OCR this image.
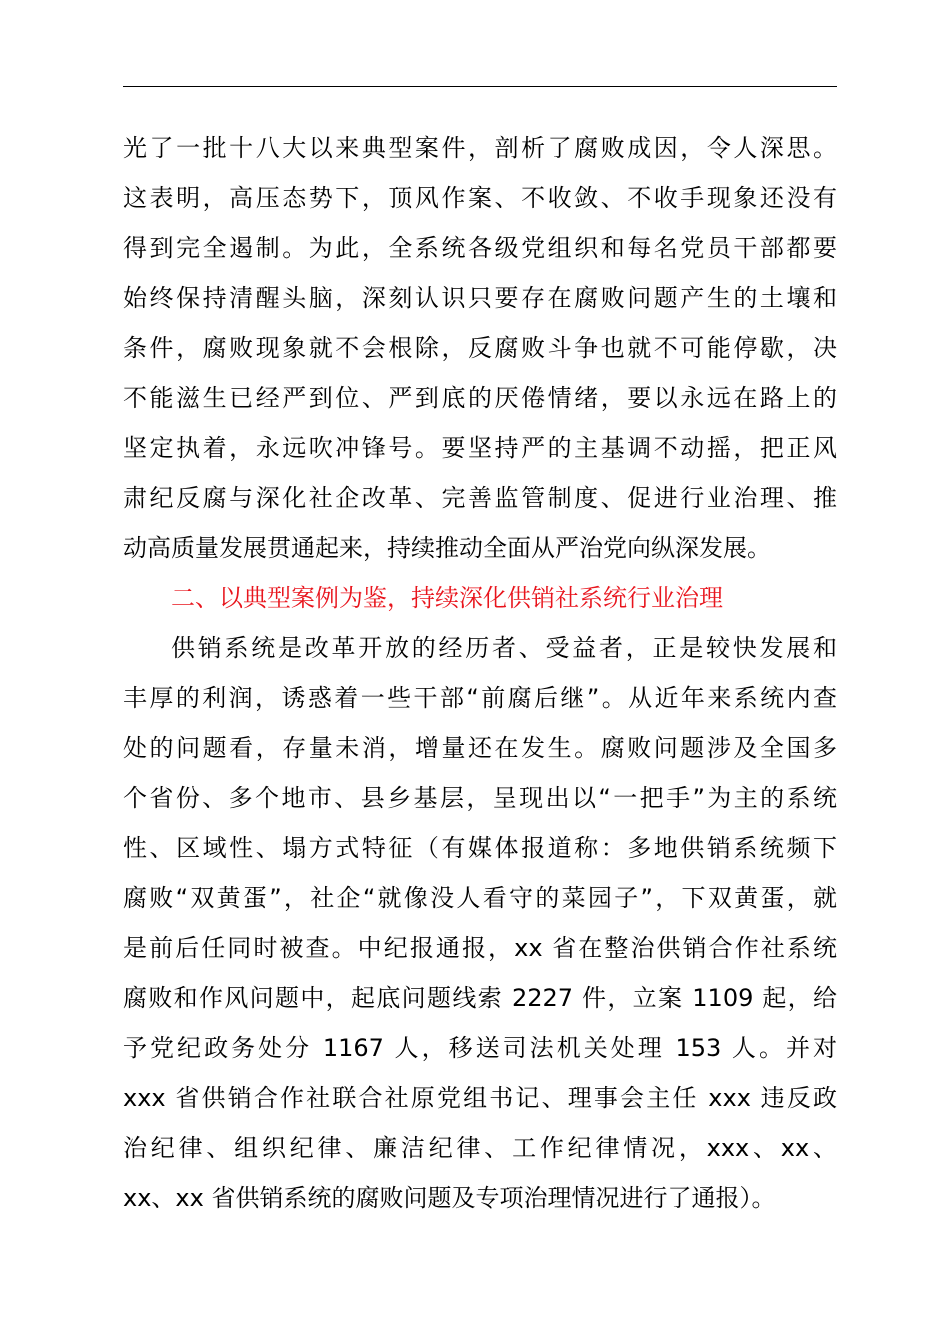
光了一批十八大以来典型案件，剖析了腐败成因，令人深思。
这表明，高压态势下，顶风作案、不收敛、不收手现象还没有
得到完全遏制。为此，全系统各级党组织和每名党员干部都要
始终保持清醒头脑，深刻认识只要存在腐败问题产生的土壤和
条件，腐败现象就不会根除，反腐败斗争也就不可能停歇，决
不能滋生已经严到位、严到底的厌倦情绪，要以永远在路上的
坚定执着，永远吹冲锋号。要坚持严的主基调不动摇，把正风
肃纪反腐与深化社企改革、完善监管制度、促进行业治理、推
动高质量发展贯通起来，持续推动全面从严治党向纵深发展。
二、以典型案例为鉴，持续深化供销社系统行业治理
供销系统是改革开放的经历者、受益者，正是较快发展和
丰厚的利润，诱惑着一些干部“前腐后继”。从近年来系统内查
处的问题看，存量未消，增量还在发生。腐败问题涉及全国多
个省份、多个地市、县乡基层，呈现出以“一把手”为主的系统
性、区域性、塌方式特征（有媒体报道称：多地供销系统频下
腐败“双黄蛋”，社企“就像没人看守的菜园子”，下双黄蛋，就
是前后任同时被查。中纪报通报，xx 省在整治供销合作社系统
腐败和作风问题中，起底问题线索 2227 件，立案 1109 起，给
予党纪政务处分 1167 人，移送司法机关处理 153 人。并对
xxx 省供销合作社联合社原党组书记、理事会主任 xxx 违反政
治纪律、组织纪律、廉洁纪律、工作纪律情况，xxx、xx、
xx、xx 省供销系统的腐败问题及专项治理情况进行了通报）。
